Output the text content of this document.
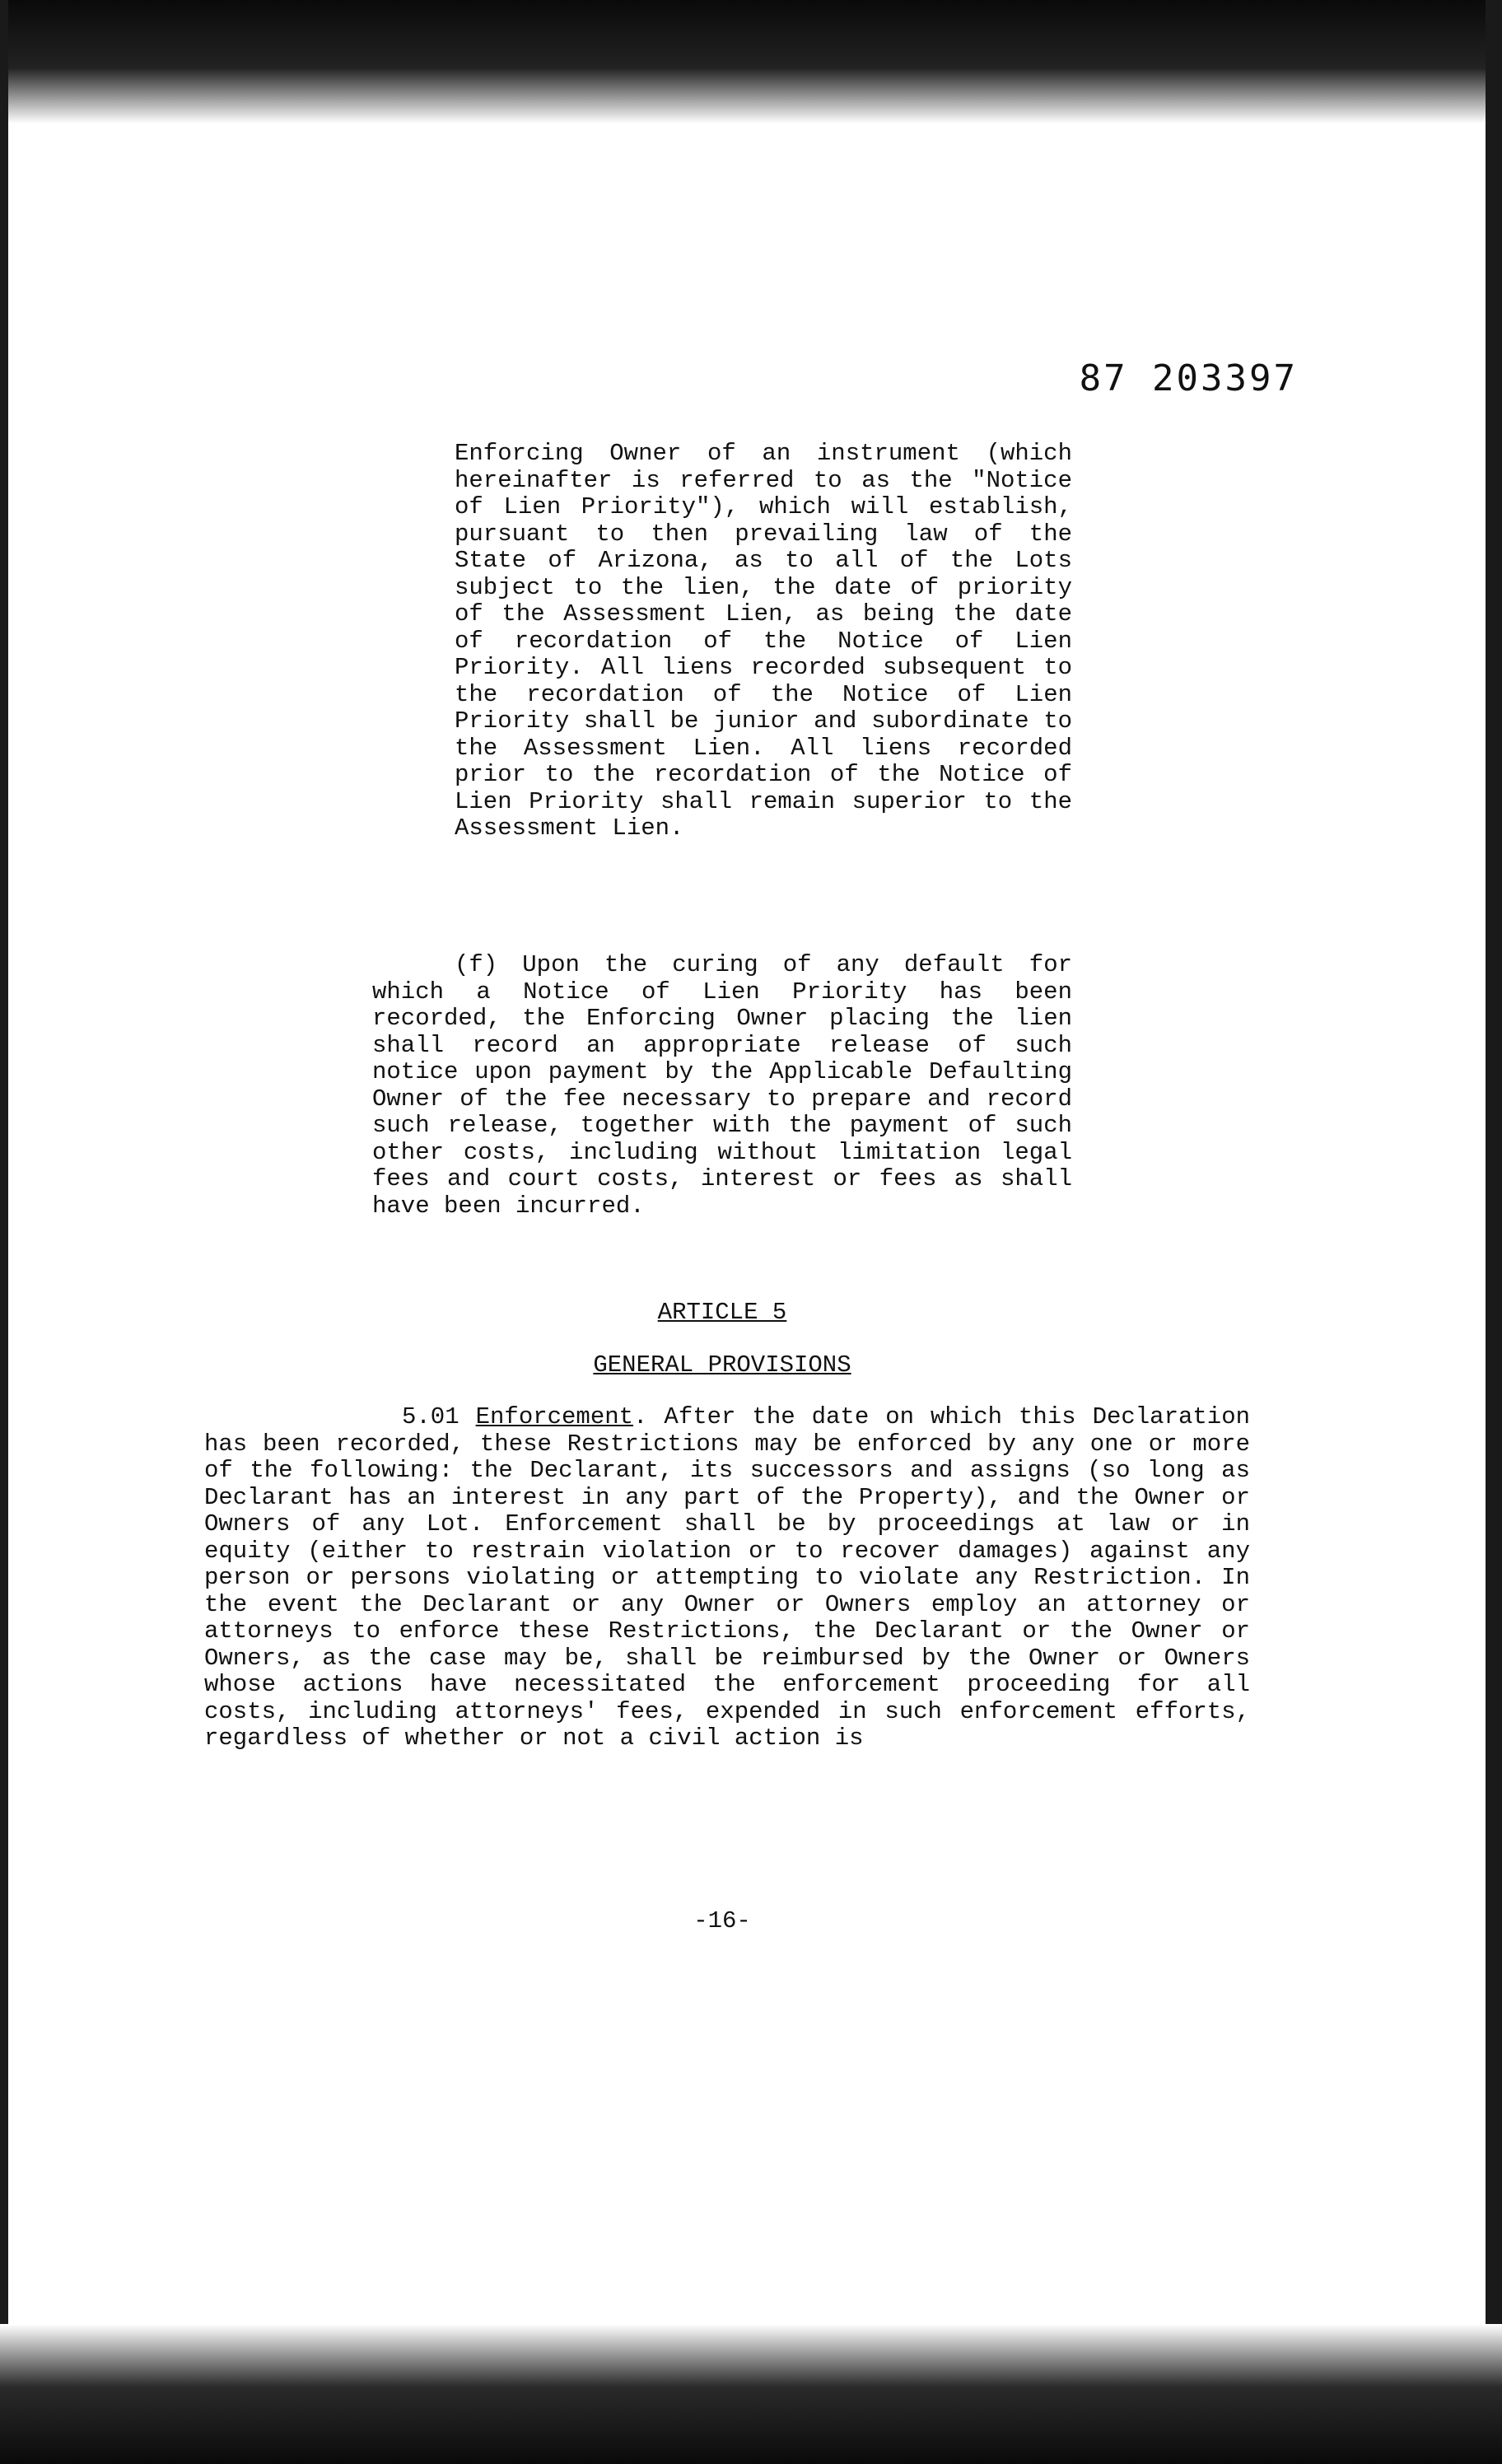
87 203397

Enforcing Owner of an instrument (which hereinafter is referred to as the "Notice of Lien Priority"), which will establish, pursuant to then prevailing law of the State of Arizona, as to all of the Lots subject to the lien, the date of priority of the Assessment Lien, as being the date of recordation of the Notice of Lien Priority. All liens recorded subsequent to the recordation of the Notice of Lien Priority shall be junior and subordinate to the Assessment Lien. All liens recorded prior to the recordation of the Notice of Lien Priority shall remain superior to the Assessment Lien.

(f) Upon the curing of any default for which a Notice of Lien Priority has been recorded, the Enforcing Owner placing the lien shall record an appropriate release of such notice upon payment by the Applicable Defaulting Owner of the fee necessary to prepare and record such release, together with the payment of such other costs, including without limitation legal fees and court costs, interest or fees as shall have been incurred.

ARTICLE 5

GENERAL PROVISIONS

5.01 Enforcement. After the date on which this Declaration has been recorded, these Restrictions may be enforced by any one or more of the following: the Declarant, its successors and assigns (so long as Declarant has an interest in any part of the Property), and the Owner or Owners of any Lot. Enforcement shall be by proceedings at law or in equity (either to restrain violation or to recover damages) against any person or persons violating or attempting to violate any Restriction. In the event the Declarant or any Owner or Owners employ an attorney or attorneys to enforce these Restrictions, the Declarant or the Owner or Owners, as the case may be, shall be reimbursed by the Owner or Owners whose actions have necessitated the enforcement proceeding for all costs, including attorneys' fees, expended in such enforcement efforts, regardless of whether or not a civil action is

-16-
